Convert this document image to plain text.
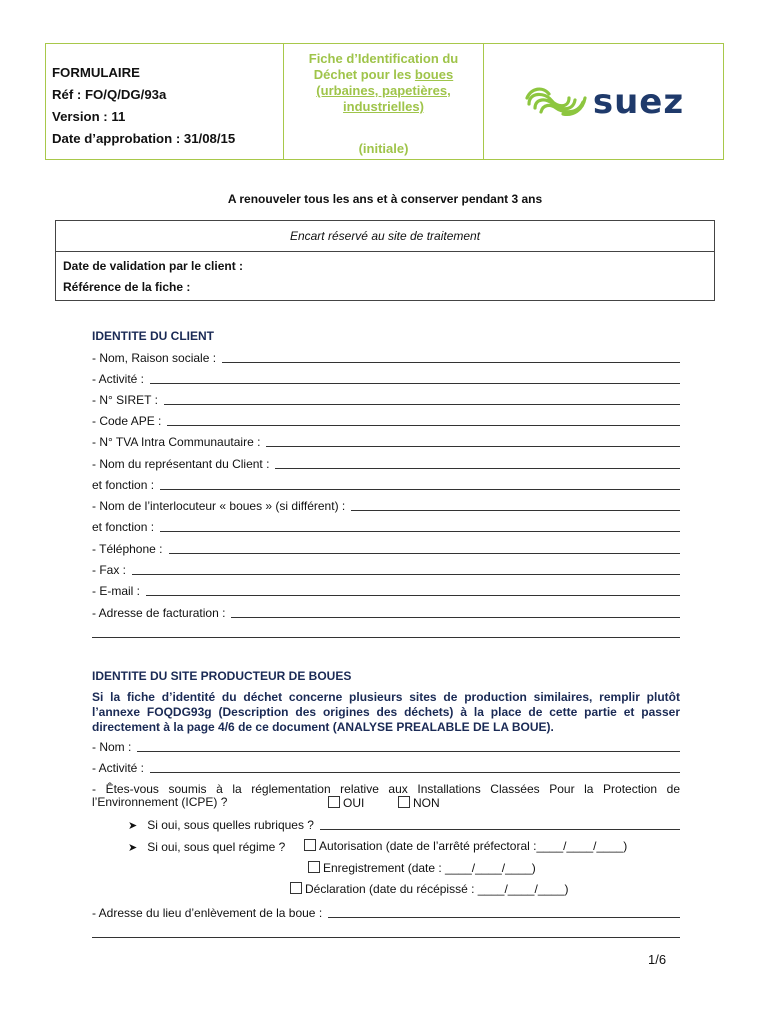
FORMULAIRE
Réf : FO/Q/DG/93a
Version : 11
Date d’approbation : 31/08/15
Fiche d’Identification du
Déchet pour les boues
(urbaines, papetières,
industrielles)
(initiale)
suez
A renouveler tous les ans et à conserver pendant 3 ans
Encart réservé au site de traitement
Date de validation par le client :
Référence de la fiche :
IDENTITE DU CLIENT
- Nom, Raison sociale :
- Activité :
- N° SIRET :
- Code APE :
- N° TVA Intra Communautaire :
- Nom du représentant du Client :
et fonction :
- Nom de l’interlocuteur « boues » (si différent) :
et fonction :
- Téléphone :
- Fax :
- E-mail :
- Adresse de facturation :
IDENTITE DU SITE PRODUCTEUR DE BOUES
Si la fiche d’identité du déchet concerne plusieurs sites de production similaires, remplir plutôt l’annexe FOQDG93g (Description des origines des déchets) à la place de cette partie et passer directement à la page 4/6 de ce document (ANALYSE PREALABLE DE LA BOUE).
- Nom :
- Activité :
- Êtes-vous soumis à la réglementation relative aux Installations Classées Pour la Protection de l’Environnement (ICPE) ?	OUI	NON
➤ Si oui, sous quelles rubriques ?
➤ Si oui, sous quel régime ?	Autorisation (date de l’arrêté préfectoral :____/____/____)
Enregistrement (date : ____/____/____)
Déclaration (date du récépissé : ____/____/____)
- Adresse du lieu d’enlèvement de la boue :
1/6
